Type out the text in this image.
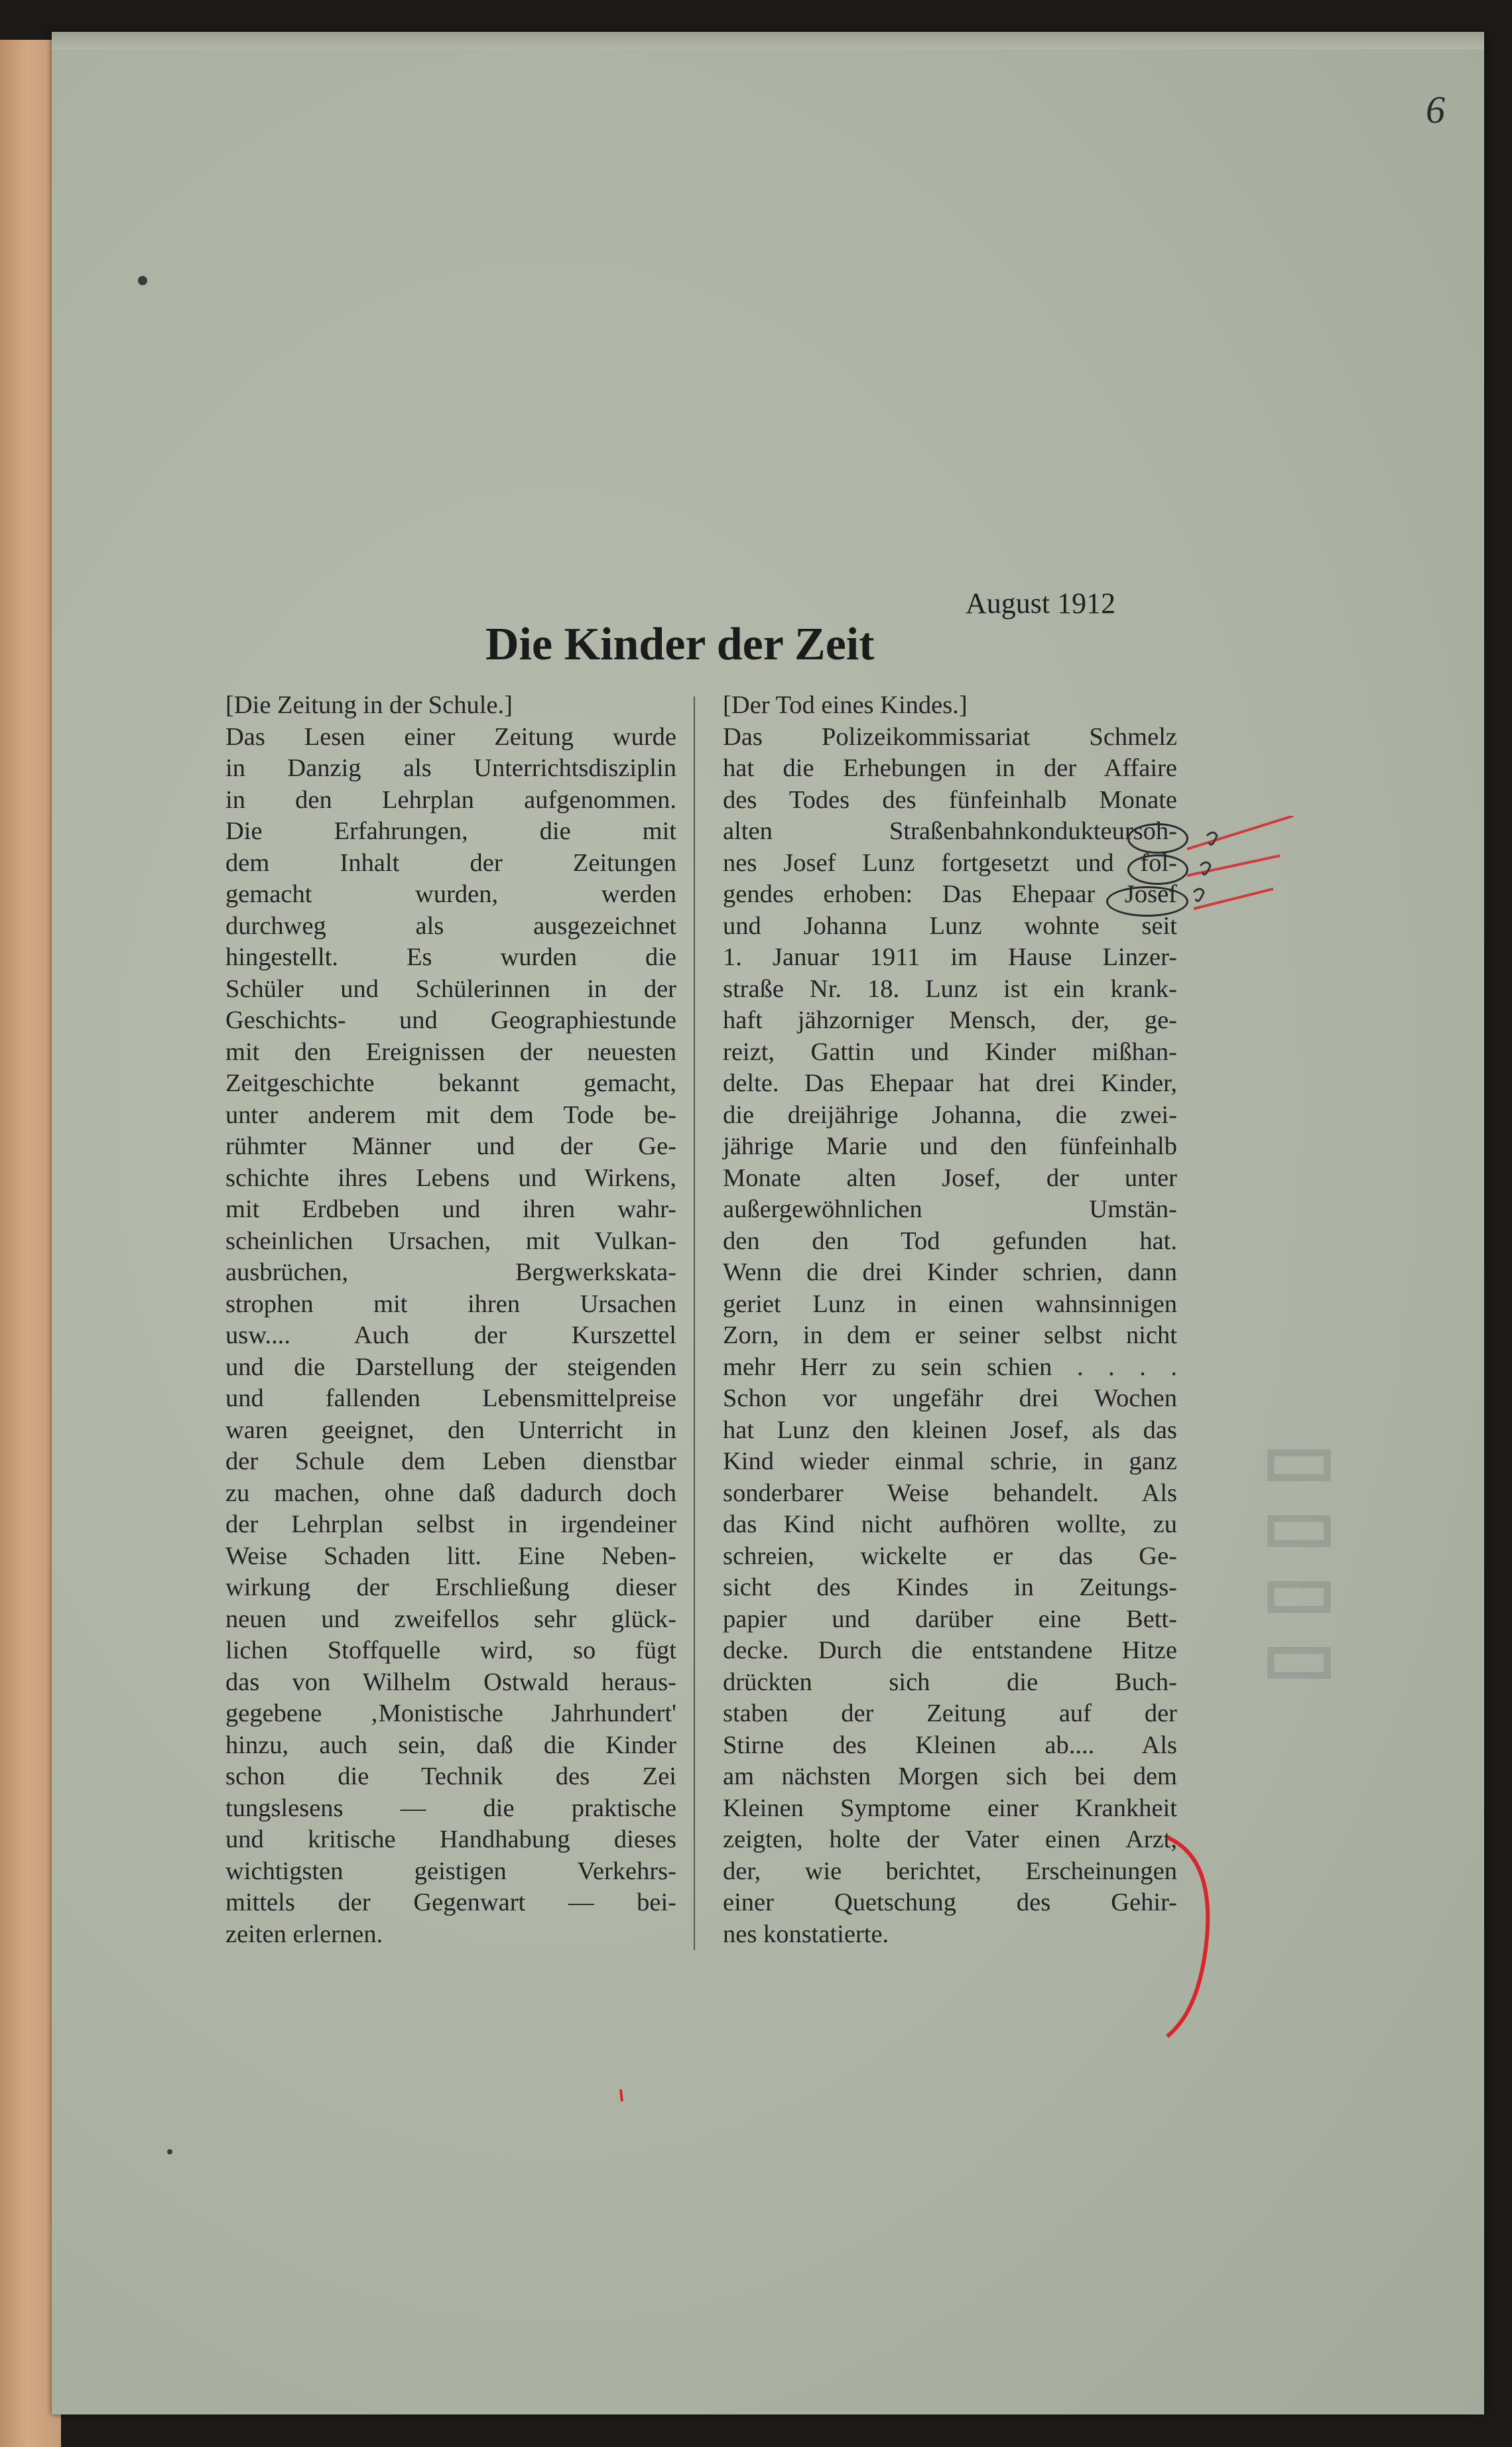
▯ ▯ ▯ ▯
6
August 1912
Die Kinder der Zeit
[Die Zeitung in der Schule.]
Das Lesen einer Zeitung wurde
in Danzig als Unterrichtsdisziplin
in den Lehrplan aufgenommen.
Die Erfahrungen, die mit
dem Inhalt der Zeitungen
gemacht wurden, werden
durchweg als ausgezeichnet
hingestellt. Es wurden die
Schüler und Schülerinnen in der
Geschichts- und Geographiestunde
mit den Ereignissen der neuesten
Zeitgeschichte bekannt gemacht,
unter anderem mit dem Tode be-
rühmter Männer und der Ge-
schichte ihres Lebens und Wirkens,
mit Erdbeben und ihren wahr-
scheinlichen Ursachen, mit Vulkan-
ausbrüchen, Bergwerkskata-
strophen mit ihren Ursachen
usw.... Auch der Kurszettel
und die Darstellung der steigenden
und fallenden Lebensmittelpreise
waren geeignet, den Unterricht in
der Schule dem Leben dienstbar
zu machen, ohne daß dadurch doch
der Lehrplan selbst in irgendeiner
Weise Schaden litt. Eine Neben-
wirkung der Erschließung dieser
neuen und zweifellos sehr glück-
lichen Stoffquelle wird, so fügt
das von Wilhelm Ostwald heraus-
gegebene ‚Monistische Jahrhundert'
hinzu, auch sein, daß die Kinder
schon die Technik des Zei
tungslesens — die praktische
und kritische Handhabung dieses
wichtigsten geistigen Verkehrs-
mittels der Gegenwart — bei-
zeiten erlernen.
[Der Tod eines Kindes.]
Das Polizeikommissariat Schmelz
hat die Erhebungen in der Affaire
des Todes des fünfeinhalb Monate
alten Straßenbahnkondukteursoh-
nes Josef Lunz fortgesetzt und fol-
gendes erhoben: Das Ehepaar Josef
und Johanna Lunz wohnte seit
1. Januar 1911 im Hause Linzer-
straße Nr. 18. Lunz ist ein krank-
haft jähzorniger Mensch, der, ge-
reizt, Gattin und Kinder mißhan-
delte. Das Ehepaar hat drei Kinder,
die dreijährige Johanna, die zwei-
jährige Marie und den fünfeinhalb
Monate alten Josef, der unter
außergewöhnlichen Umstän-
den den Tod gefunden hat.
Wenn die drei Kinder schrien, dann
geriet Lunz in einen wahnsinnigen
Zorn, in dem er seiner selbst nicht
mehr Herr zu sein schien . . . .
Schon vor ungefähr drei Wochen
hat Lunz den kleinen Josef, als das
Kind wieder einmal schrie, in ganz
sonderbarer Weise behandelt. Als
das Kind nicht aufhören wollte, zu
schreien, wickelte er das Ge-
sicht des Kindes in Zeitungs-
papier und darüber eine Bett-
decke. Durch die entstandene Hitze
drückten sich die Buch-
staben der Zeitung auf der
Stirne des Kleinen ab.... Als
am nächsten Morgen sich bei dem
Kleinen Symptome einer Krankheit
zeigten, holte der Vater einen Arzt,
der, wie berichtet, Erscheinungen
einer Quetschung des Gehir-
nes konstatierte.
